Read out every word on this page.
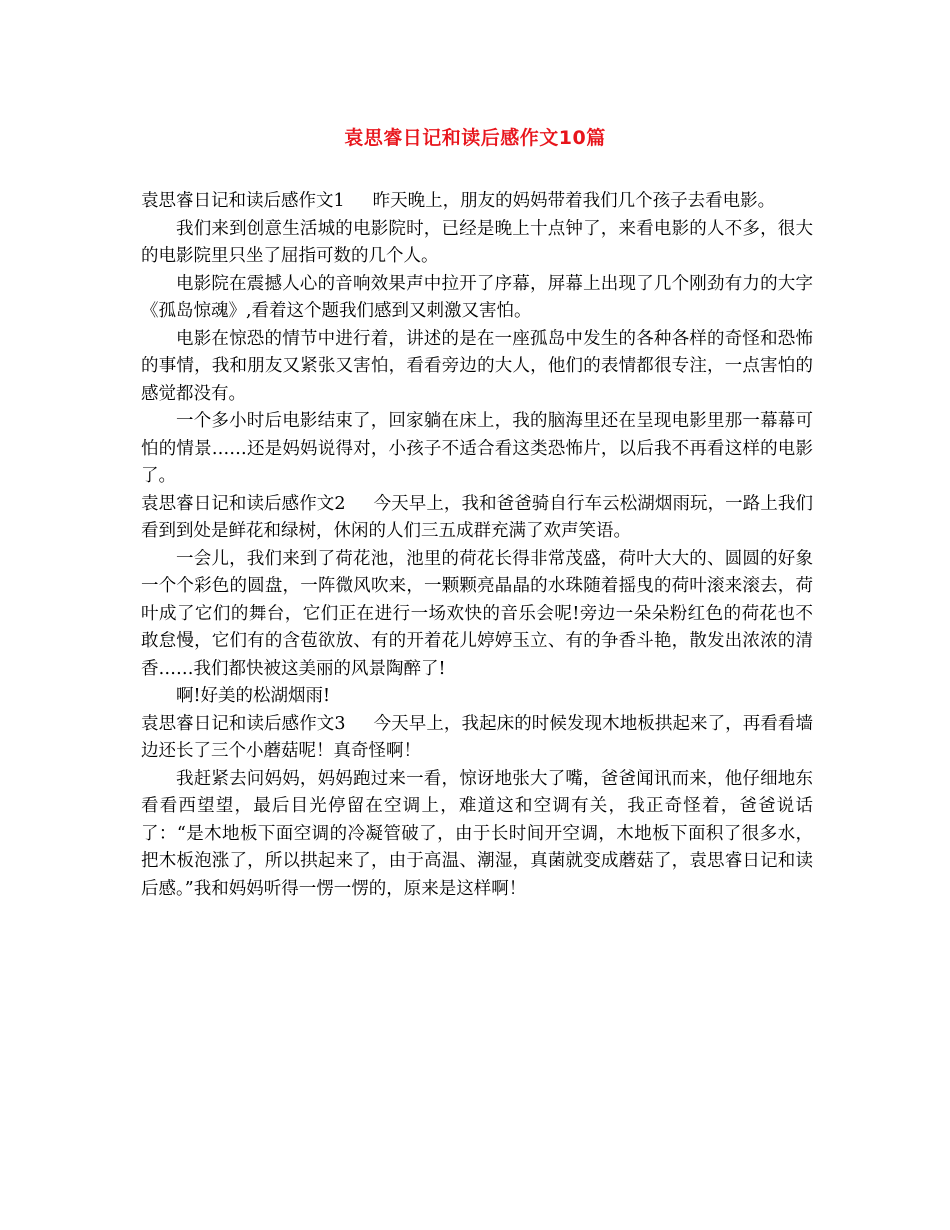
袁思睿日记和读后感作文10篇

袁思睿日记和读后感作文1 昨天晚上，朋友的妈妈带着我们几个孩子去看电影。

我们来到创意生活城的电影院时，已经是晚上十点钟了，来看电影的人不多，很大的电影院里只坐了屈指可数的几个人。

电影院在震撼人心的音响效果声中拉开了序幕，屏幕上出现了几个刚劲有力的大字《孤岛惊魂》,看着这个题我们感到又刺激又害怕。

电影在惊恐的情节中进行着，讲述的是在一座孤岛中发生的各种各样的奇怪和恐怖的事情，我和朋友又紧张又害怕，看看旁边的大人，他们的表情都很专注，一点害怕的感觉都没有。

一个多小时后电影结束了，回家躺在床上，我的脑海里还在呈现电影里那一幕幕可怕的情景……还是妈妈说得对，小孩子不适合看这类恐怖片，以后我不再看这样的电影了。

袁思睿日记和读后感作文2 今天早上，我和爸爸骑自行车云松湖烟雨玩，一路上我们看到到处是鲜花和绿树，休闲的人们三五成群充满了欢声笑语。

一会儿，我们来到了荷花池，池里的荷花长得非常茂盛，荷叶大大的、圆圆的好象一个个彩色的圆盘，一阵微风吹来，一颗颗亮晶晶的水珠随着摇曳的荷叶滚来滚去，荷叶成了它们的舞台，它们正在进行一场欢快的音乐会呢!旁边一朵朵粉红色的荷花也不敢怠慢，它们有的含苞欲放、有的开着花儿婷婷玉立、有的争香斗艳，散发出浓浓的清香……我们都快被这美丽的风景陶醉了!

啊!好美的松湖烟雨!

袁思睿日记和读后感作文3 今天早上，我起床的时候发现木地板拱起来了，再看看墙边还长了三个小蘑菇呢！真奇怪啊！

我赶紧去问妈妈，妈妈跑过来一看，惊讶地张大了嘴，爸爸闻讯而来，他仔细地东看看西望望，最后目光停留在空调上，难道这和空调有关，我正奇怪着，爸爸说话了：“是木地板下面空调的冷凝管破了，由于长时间开空调，木地板下面积了很多水，把木板泡涨了，所以拱起来了，由于高温、潮湿，真菌就变成蘑菇了，袁思睿日记和读后感。”我和妈妈听得一愣一愣的，原来是这样啊！
